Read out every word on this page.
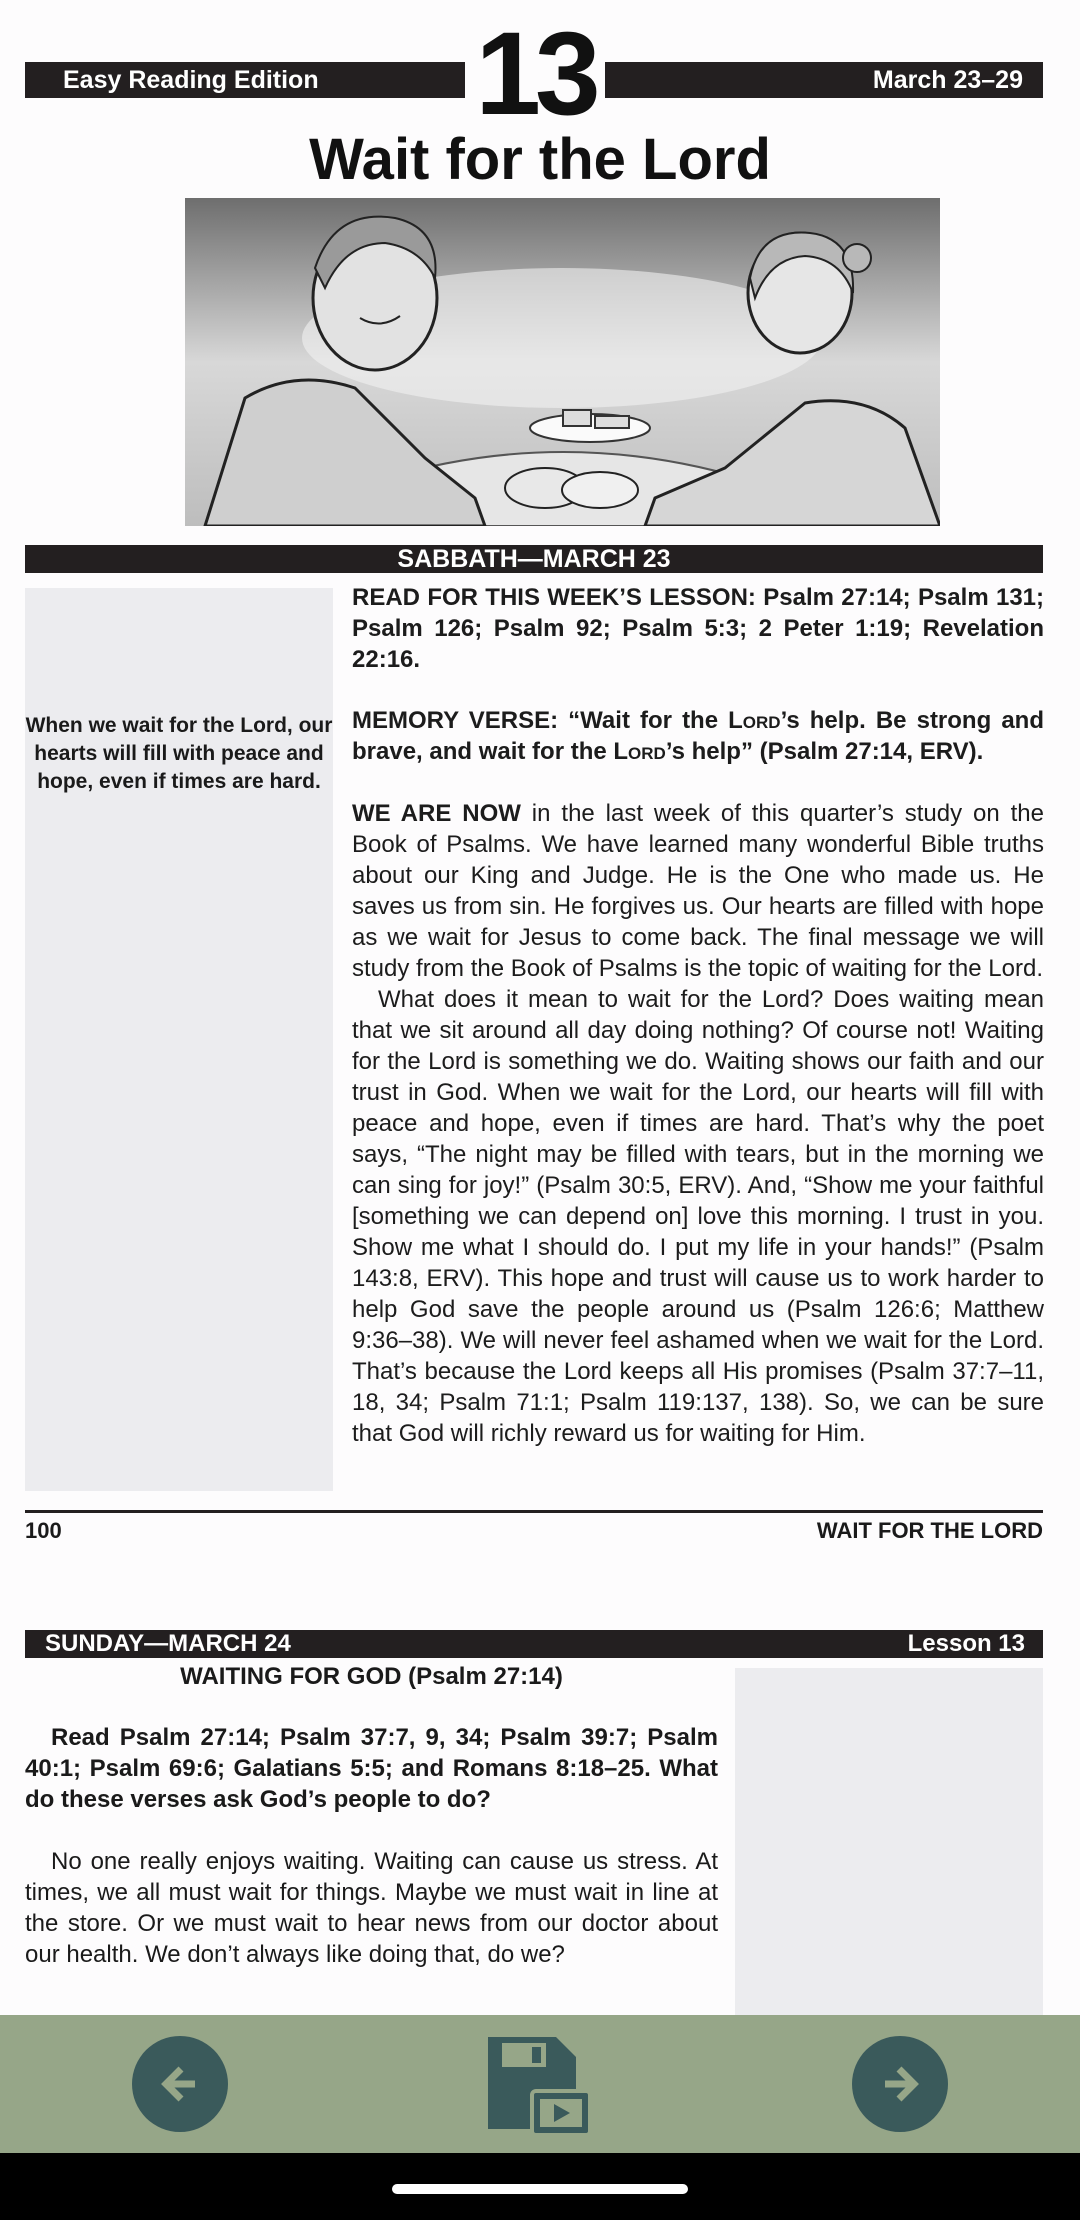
Easy Reading Edition	13	March 23–29
Wait for the Lord
SABBATH—MARCH 23
When we wait for the Lord, our hearts will fill with peace and hope, even if times are hard.
READ FOR THIS WEEK’S LESSON: Psalm 27:14; Psalm 131; Psalm 126; Psalm 92; Psalm 5:3; 2 Peter 1:19; Revelation 22:16.
MEMORY VERSE: “Wait for the Lord’s help. Be strong and brave, and wait for the Lord’s help” (Psalm 27:14, ERV).

WE ARE NOW in the last week of this quarter’s study on the Book of Psalms. We have learned many wonderful Bible truths about our King and Judge. He is the One who made us. He saves us from sin. He forgives us. Our hearts are filled with hope as we wait for Jesus to come back. The final message we will study from the Book of Psalms is the topic of waiting for the Lord.

What does it mean to wait for the Lord? Does waiting mean that we sit around all day doing nothing? Of course not! Waiting for the Lord is something we do. Waiting shows our faith and our trust in God. When we wait for the Lord, our hearts will fill with peace and hope, even if times are hard. That’s why the poet says, “The night may be filled with tears, but in the morning we can sing for joy!” (Psalm 30:5, ERV). And, “Show me your faithful [something we can depend on] love this morning. I trust in you. Show me what I should do. I put my life in your hands!” (Psalm 143:8, ERV). This hope and trust will cause us to work harder to help God save the people around us (Psalm 126:6; Matthew 9:36–38). We will never feel ashamed when we wait for the Lord. That’s because the Lord keeps all His promises (Psalm 37:7–11, 18, 34; Psalm 71:1; Psalm 119:137, 138). So, we can be sure that God will richly reward us for waiting for Him.

100	WAIT FOR THE LORD
SUNDAY—MARCH 24	Lesson 13
WAITING FOR GOD (Psalm 27:14)
Read Psalm 27:14; Psalm 37:7, 9, 34; Psalm 39:7; Psalm 40:1; Psalm 69:6; Galatians 5:5; and Romans 8:18–25. What do these verses ask God’s people to do?
No one really enjoys waiting. Waiting can cause us stress. At times, we all must wait for things. Maybe we must wait in line at the store. Or we must wait to hear news from our doctor about our health. We don’t always like doing that, do we?
